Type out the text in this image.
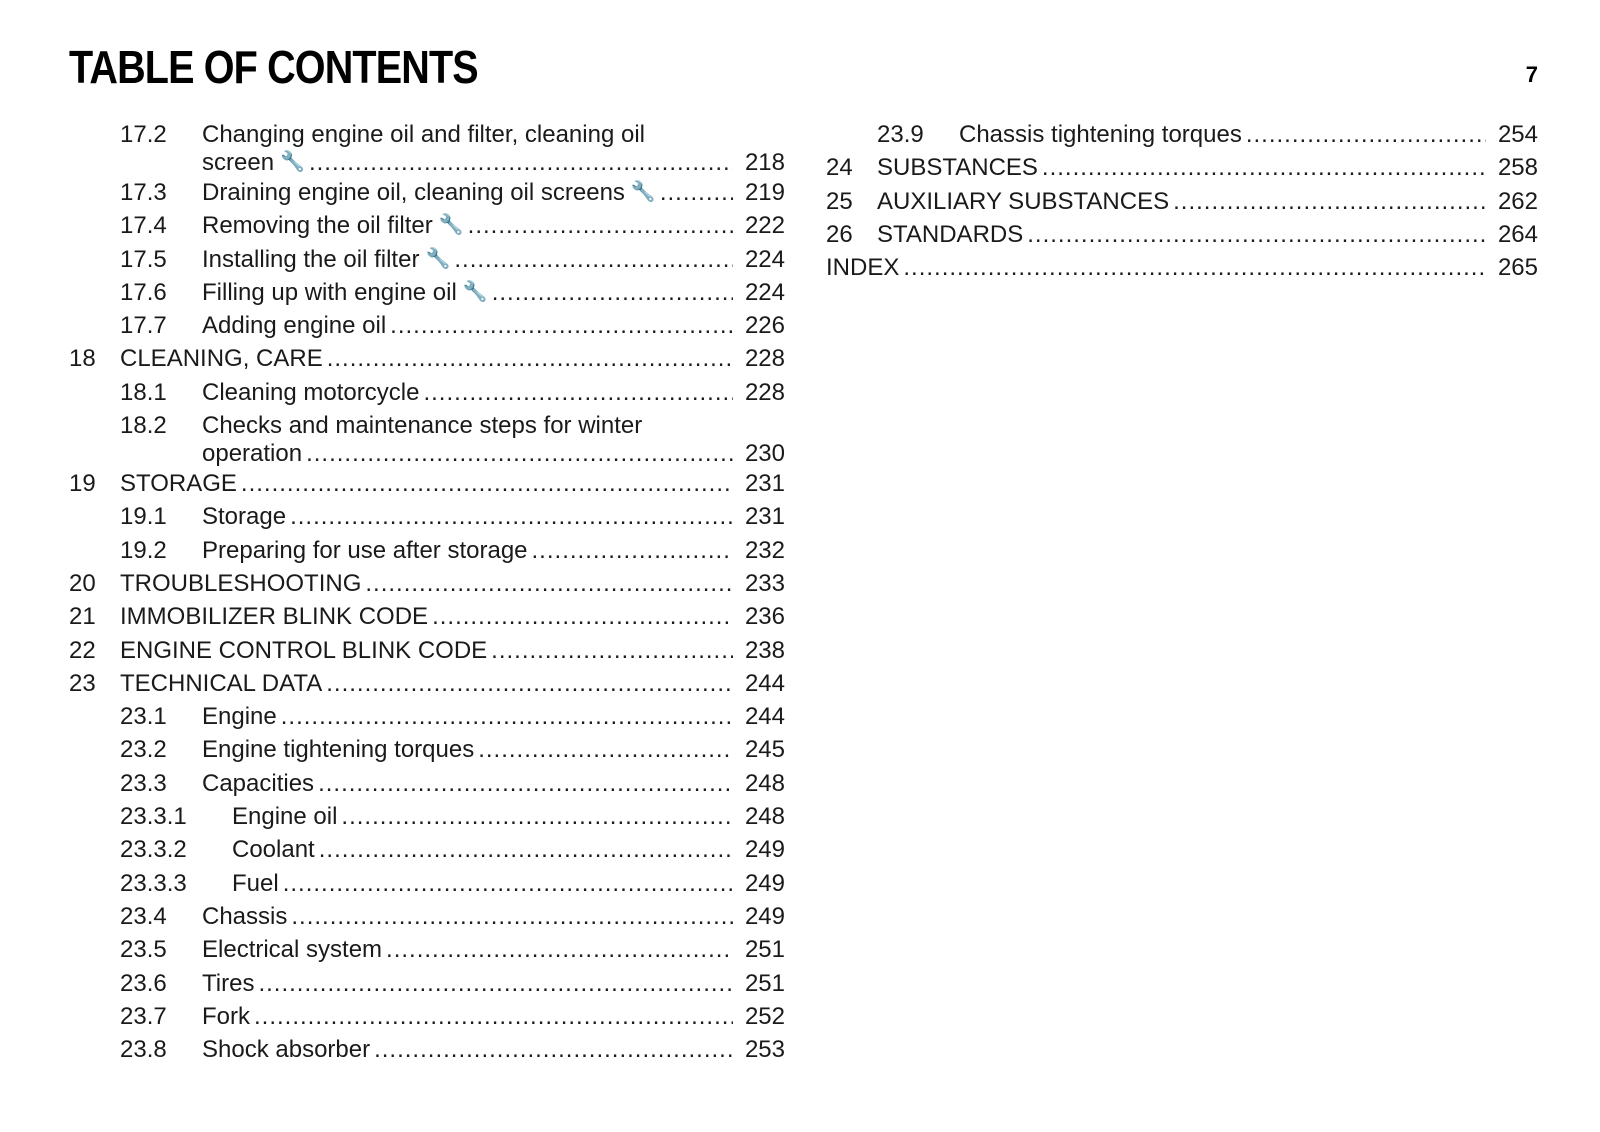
TABLE OF CONTENTS	7
17.2 Changing engine oil and filter, cleaning oil
screen 🔧 .....	218
17.3 Draining engine oil, cleaning oil screens 🔧 .....	219
17.4 Removing the oil filter 🔧 .....	222
17.5 Installing the oil filter 🔧 .....	224
17.6 Filling up with engine oil 🔧 .....	224
17.7 Adding engine oil .....	226
18 CLEANING, CARE .....	228
18.1 Cleaning motorcycle .....	228
18.2 Checks and maintenance steps for winter
operation .....	230
19 STORAGE .....	231
19.1 Storage .....	231
19.2 Preparing for use after storage .....	232
20 TROUBLESHOOTING .....	233
21 IMMOBILIZER BLINK CODE .....	236
22 ENGINE CONTROL BLINK CODE .....	238
23 TECHNICAL DATA .....	244
23.1 Engine .....	244
23.2 Engine tightening torques .....	245
23.3 Capacities .....	248
23.3.1 Engine oil .....	248
23.3.2 Coolant .....	249
23.3.3 Fuel .....	249
23.4 Chassis .....	249
23.5 Electrical system .....	251
23.6 Tires .....	251
23.7 Fork .....	252
23.8 Shock absorber .....	253
23.9 Chassis tightening torques .....	254
24 SUBSTANCES .....	258
25 AUXILIARY SUBSTANCES .....	262
26 STANDARDS .....	264
INDEX .....	265
